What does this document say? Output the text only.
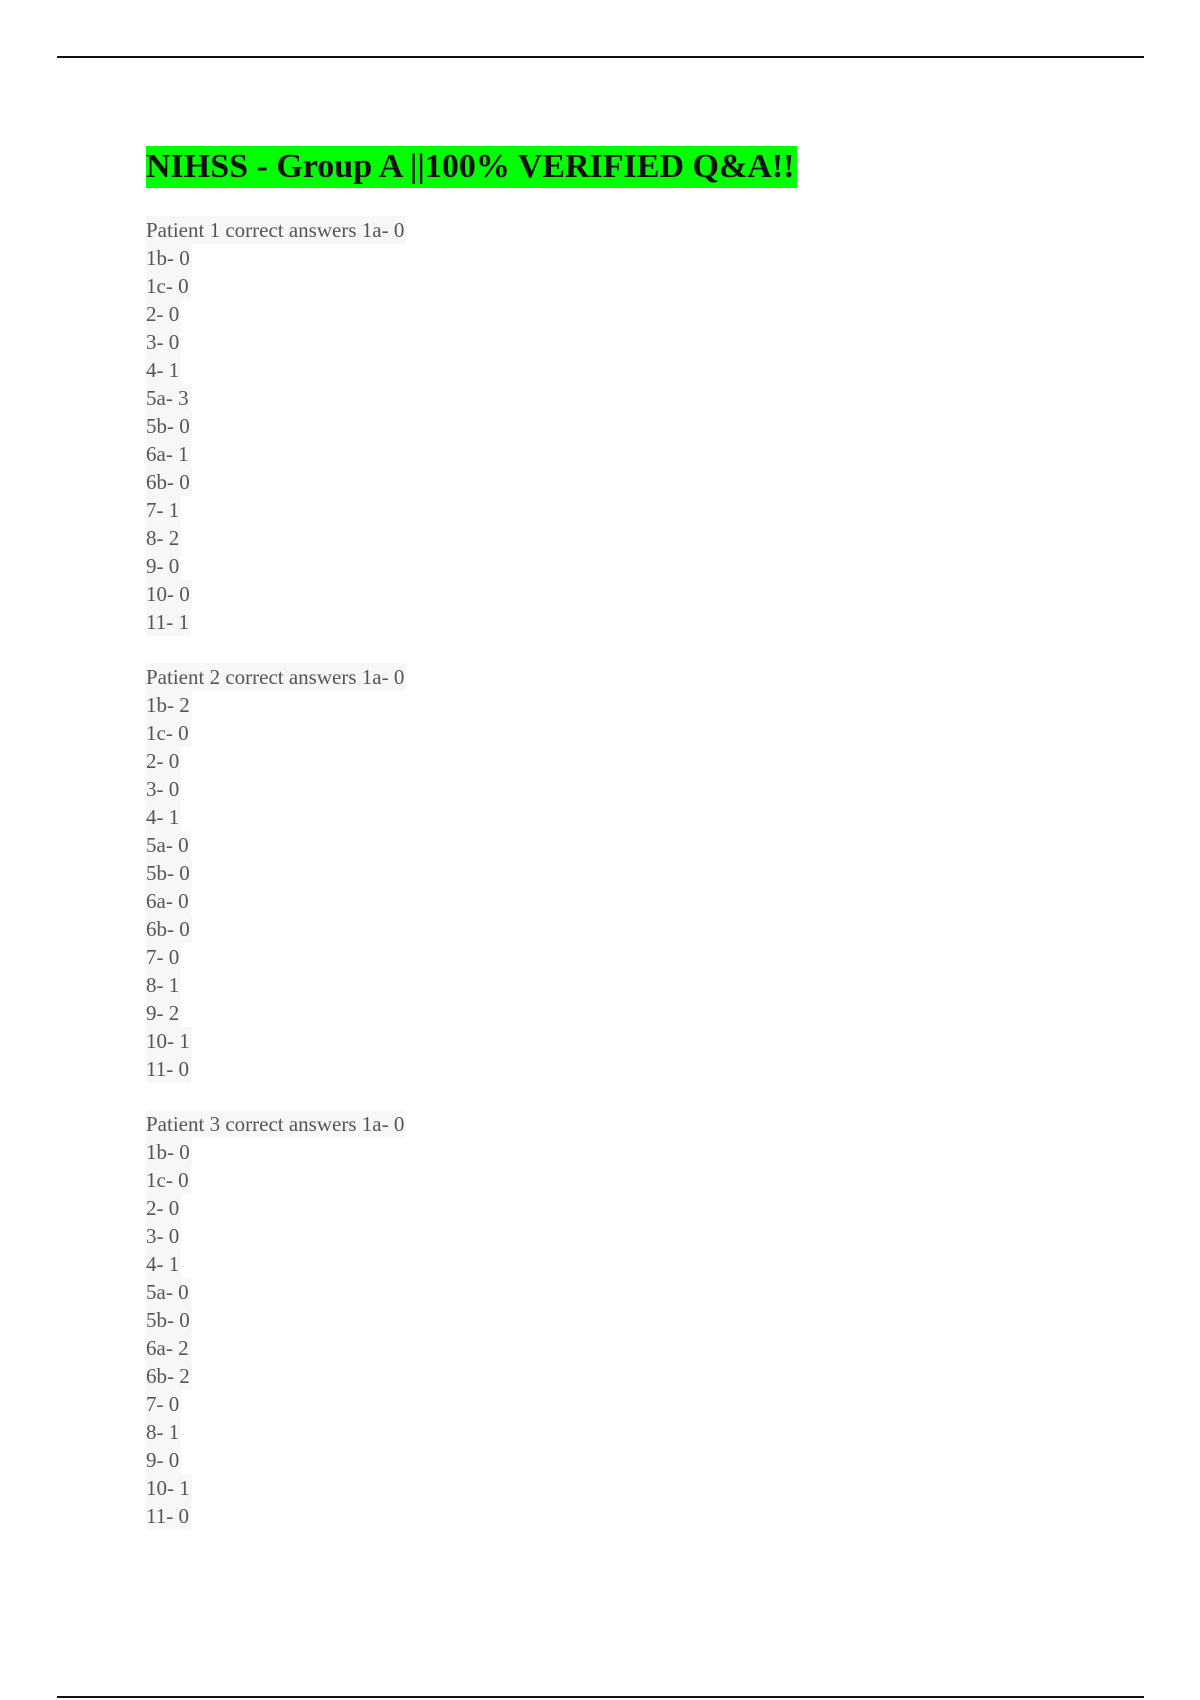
NIHSS - Group A ||100% VERIFIED Q&A!!
Patient 1 correct answers 1a- 0
1b- 0
1c- 0
2- 0
3- 0
4- 1
5a- 3
5b- 0
6a- 1
6b- 0
7- 1
8- 2
9- 0
10- 0
11- 1
Patient 2 correct answers 1a- 0
1b- 2
1c- 0
2- 0
3- 0
4- 1
5a- 0
5b- 0
6a- 0
6b- 0
7- 0
8- 1
9- 2
10- 1
11- 0
Patient 3 correct answers 1a- 0
1b- 0
1c- 0
2- 0
3- 0
4- 1
5a- 0
5b- 0
6a- 2
6b- 2
7- 0
8- 1
9- 0
10- 1
11- 0
